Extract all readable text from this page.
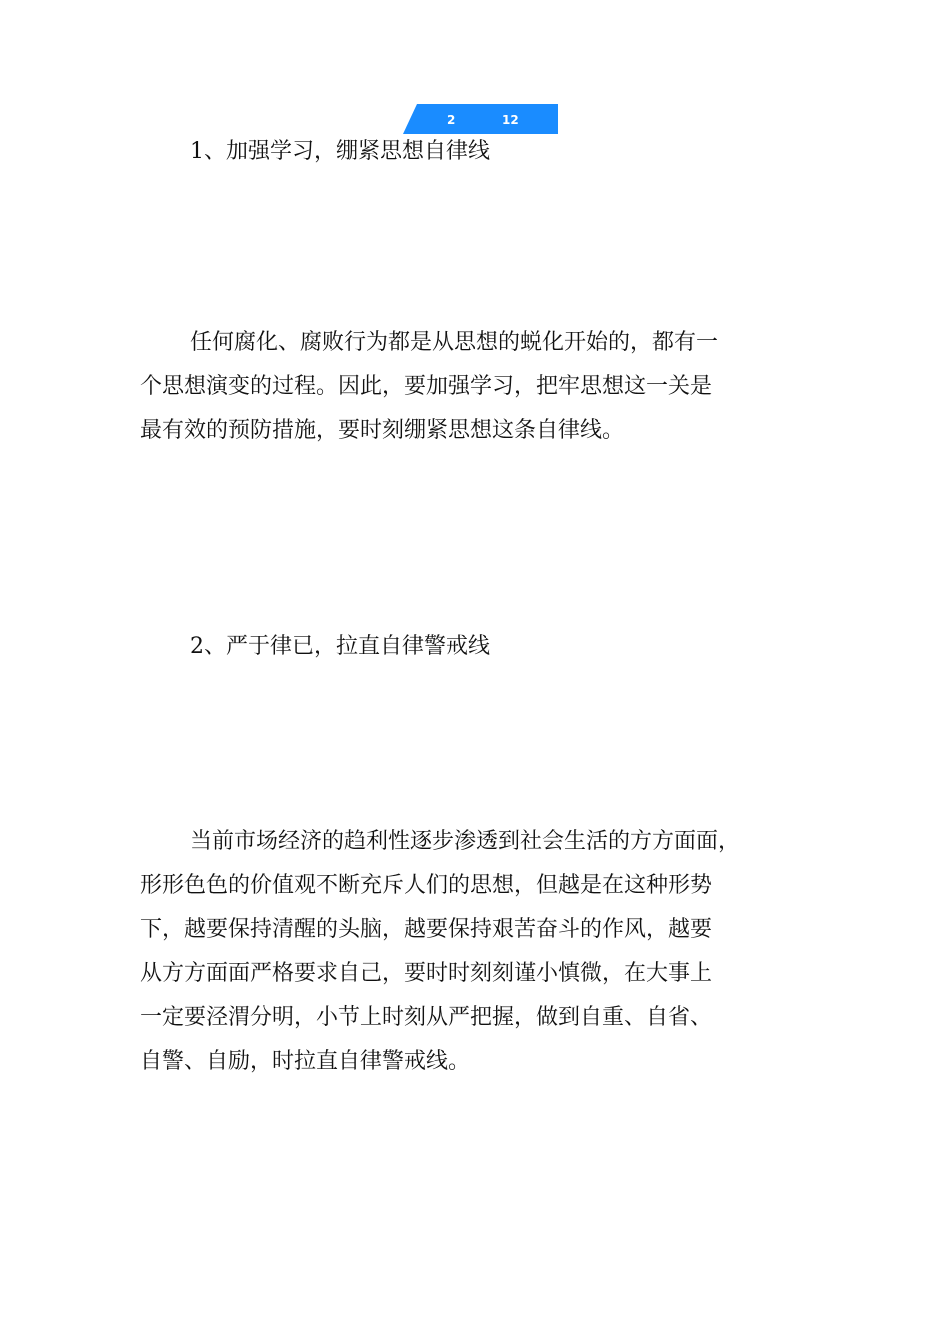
2	12
1、加强学习，绷紧思想自律线
任何腐化、腐败行为都是从思想的蜕化开始的，都有一
个思想演变的过程。因此，要加强学习，把牢思想这一关是
最有效的预防措施，要时刻绷紧思想这条自律线。
2、严于律已，拉直自律警戒线
当前市场经济的趋利性逐步渗透到社会生活的方方面面，
形形色色的价值观不断充斥人们的思想，但越是在这种形势
下，越要保持清醒的头脑，越要保持艰苦奋斗的作风，越要
从方方面面严格要求自己，要时时刻刻谨小慎微，在大事上
一定要泾渭分明，小节上时刻从严把握，做到自重、自省、
自警、自励，时拉直自律警戒线。
